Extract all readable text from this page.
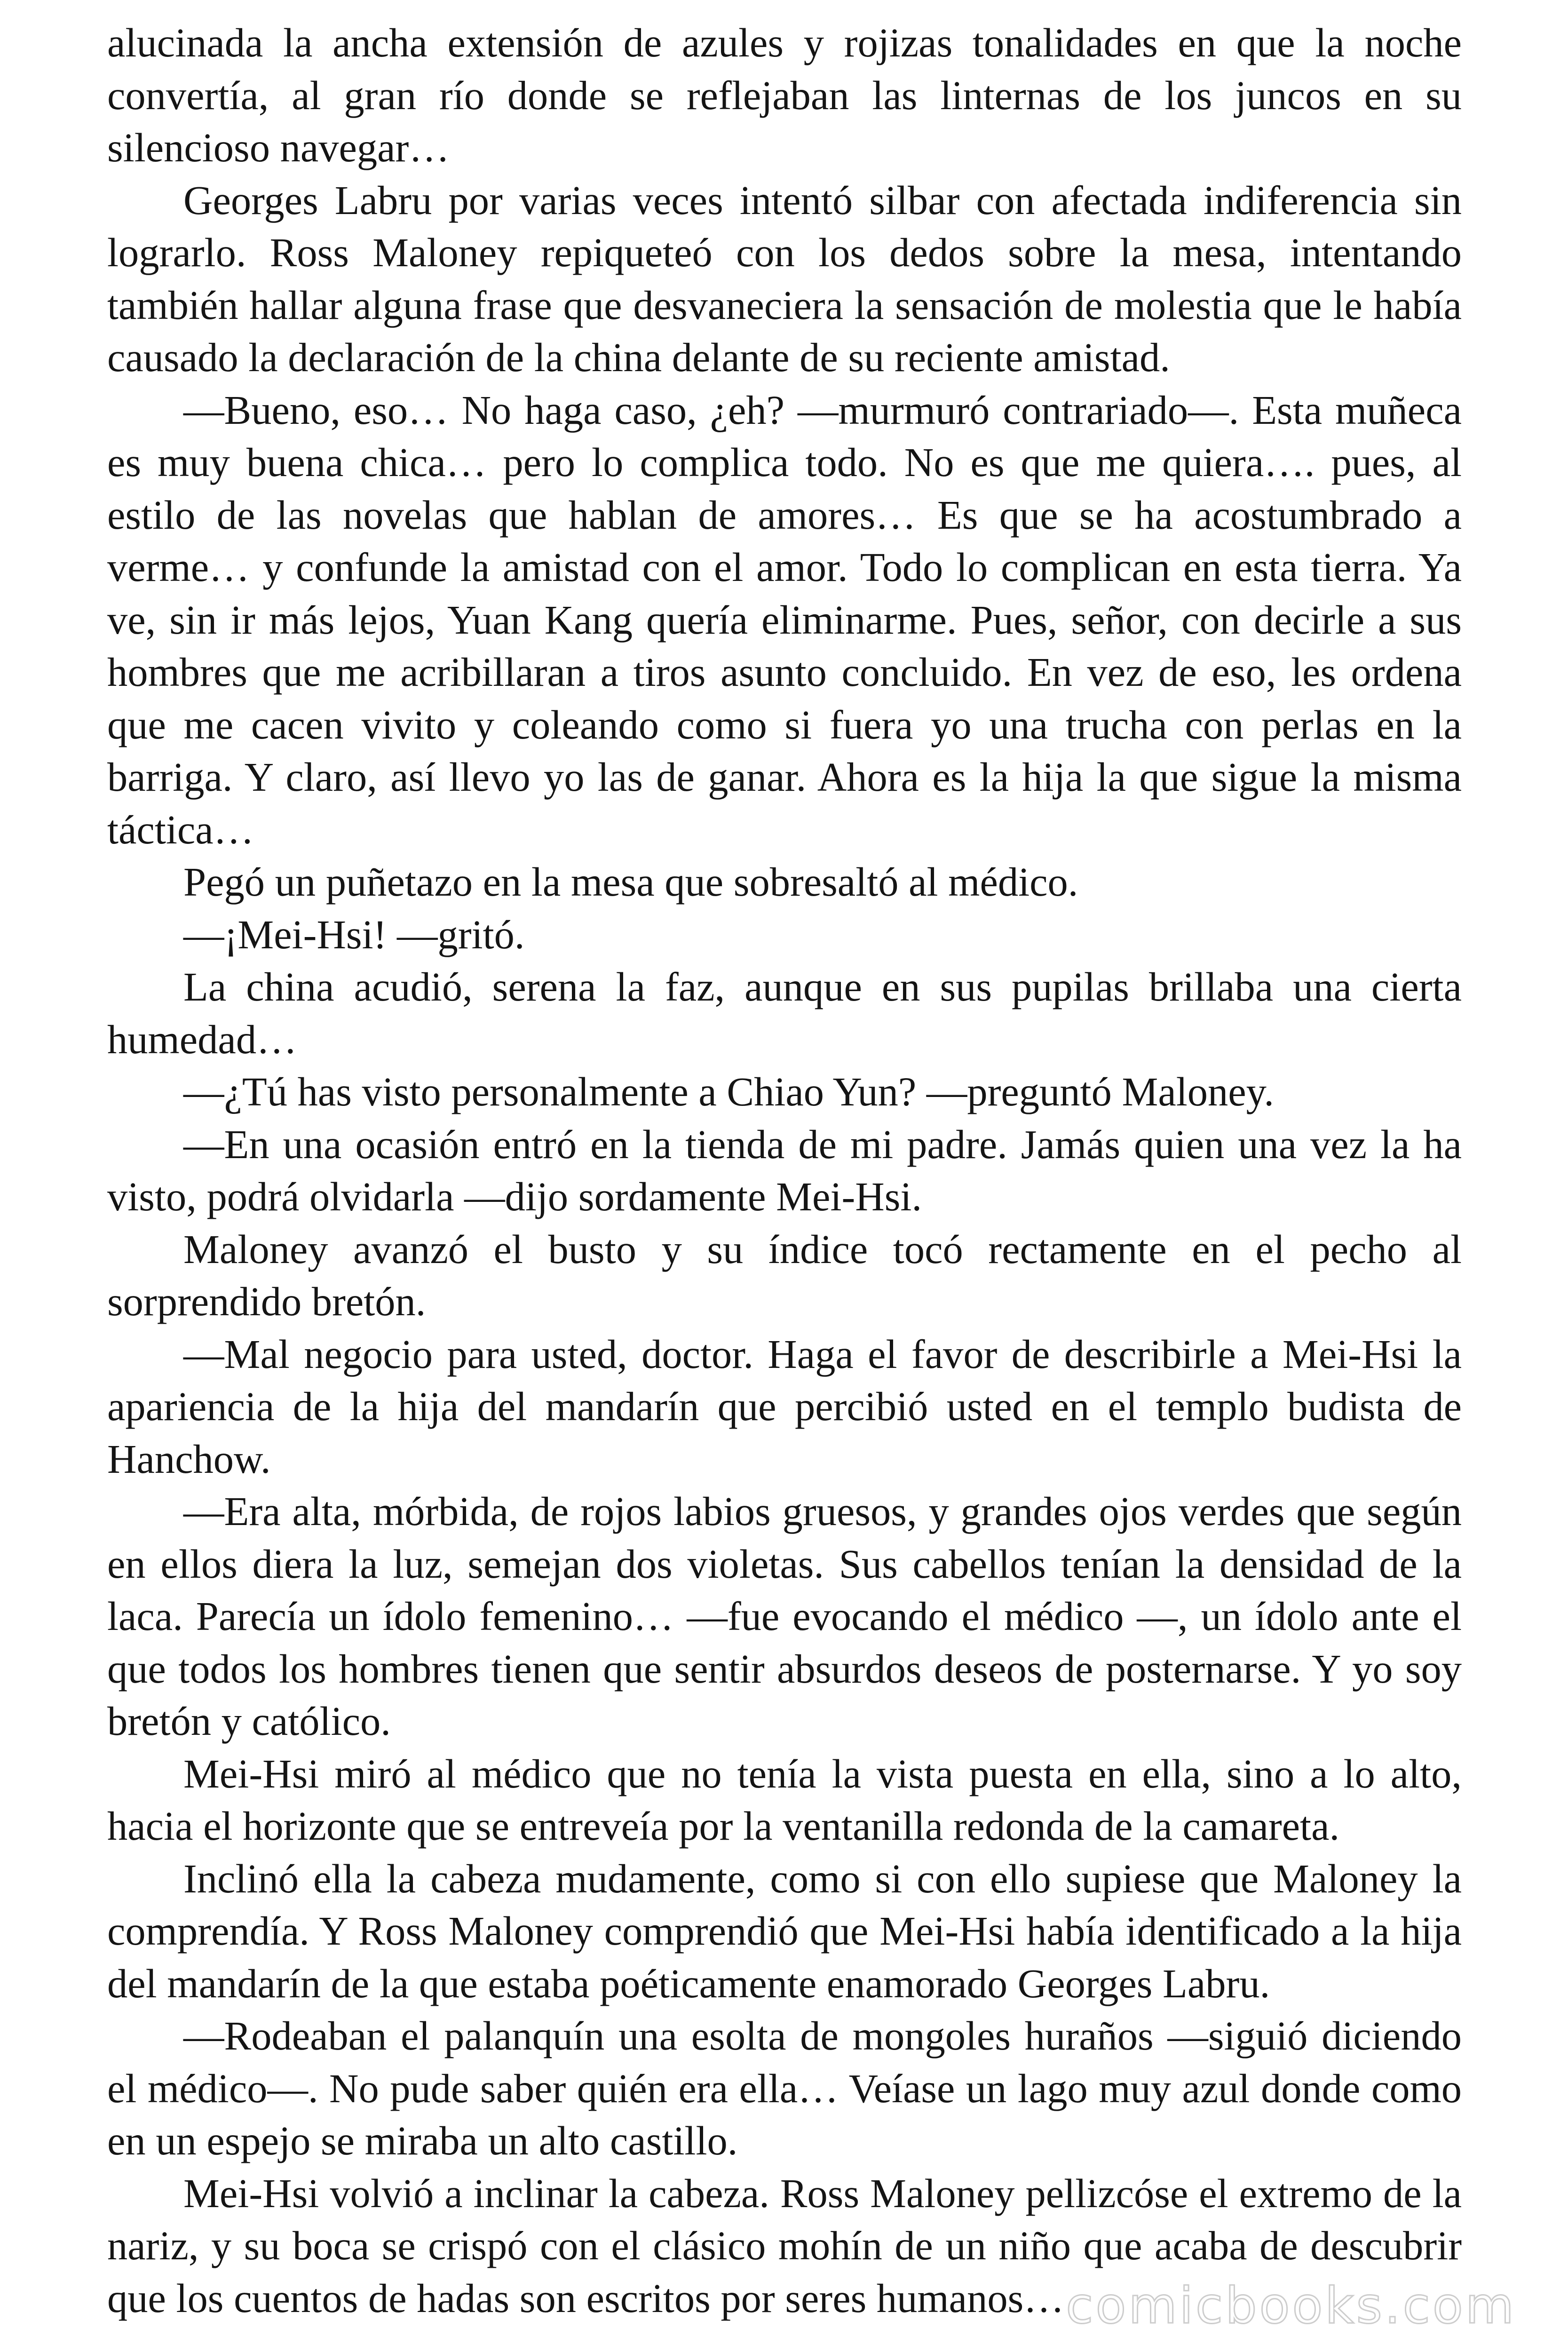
alucinada la ancha extensión de azules y rojizas tonalidades en que la noche convertía, al gran río donde se reflejaban las linternas de los juncos en su silencioso navegar…

Georges Labru por varias veces intentó silbar con afectada indiferencia sin lograrlo. Ross Maloney repiqueteó con los dedos sobre la mesa, intentando también hallar alguna frase que desvaneciera la sensación de molestia que le había causado la declaración de la china delante de su reciente amistad.

—Bueno, eso… No haga caso, ¿eh? —murmuró contrariado—. Esta muñeca es muy buena chica… pero lo complica todo. No es que me quiera…. pues, al estilo de las novelas que hablan de amores… Es que se ha acostumbrado a verme… y confunde la amistad con el amor. Todo lo complican en esta tierra. Ya ve, sin ir más lejos, Yuan Kang quería eliminarme. Pues, señor, con decirle a sus hombres que me acribillaran a tiros asunto concluido. En vez de eso, les ordena que me cacen vivito y coleando como si fuera yo una trucha con perlas en la barriga. Y claro, así llevo yo las de ganar. Ahora es la hija la que sigue la misma táctica…

Pegó un puñetazo en la mesa que sobresaltó al médico.

—¡Mei-Hsi! —gritó.

La china acudió, serena la faz, aunque en sus pupilas brillaba una cierta humedad…

—¿Tú has visto personalmente a Chiao Yun? —preguntó Maloney.

—En una ocasión entró en la tienda de mi padre. Jamás quien una vez la ha visto, podrá olvidarla —dijo sordamente Mei-Hsi.

Maloney avanzó el busto y su índice tocó rectamente en el pecho al sorprendido bretón.

—Mal negocio para usted, doctor. Haga el favor de describirle a Mei-Hsi la apariencia de la hija del mandarín que percibió usted en el templo budista de Hanchow.

—Era alta, mórbida, de rojos labios gruesos, y grandes ojos verdes que según en ellos diera la luz, semejan dos violetas. Sus cabellos tenían la densidad de la laca. Parecía un ídolo femenino… —fue evocando el médico —, un ídolo ante el que todos los hombres tienen que sentir absurdos deseos de posternarse. Y yo soy bretón y católico.

Mei-Hsi miró al médico que no tenía la vista puesta en ella, sino a lo alto, hacia el horizonte que se entreveía por la ventanilla redonda de la camareta.

Inclinó ella la cabeza mudamente, como si con ello supiese que Maloney la comprendía. Y Ross Maloney comprendió que Mei-Hsi había identificado a la hija del mandarín de la que estaba poéticamente enamorado Georges Labru.

—Rodeaban el palanquín una esolta de mongoles huraños —siguió diciendo el médico—. No pude saber quién era ella… Veíase un lago muy azul donde como en un espejo se miraba un alto castillo.

Mei-Hsi volvió a inclinar la cabeza. Ross Maloney pellizcóse el extremo de la nariz, y su boca se crispó con el clásico mohín de un niño que acaba de descubrir que los cuentos de hadas son escritos por seres humanos… comicbooks.com
